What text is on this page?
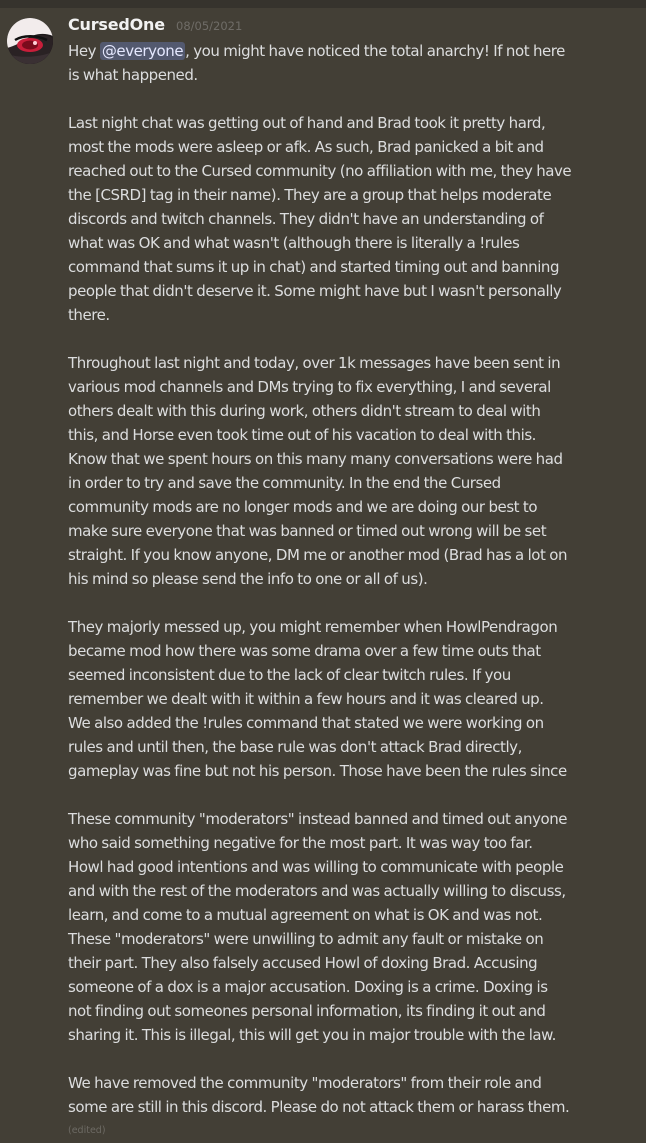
CursedOne 08/05/2021

Hey @everyone , you might have noticed the total anarchy! If not here
is what happened.

Last night chat was getting out of hand and Brad took it pretty hard,
most the mods were asleep or afk. As such, Brad panicked a bit and
reached out to the Cursed community (no affiliation with me, they have
the [CSRD] tag in their name). They are a group that helps moderate
discords and twitch channels. They didn't have an understanding of
what was OK and what wasn't (although there is literally a !rules
command that sums it up in chat) and started timing out and banning
people that didn't deserve it. Some might have but I wasn't personally
there.

Throughout last night and today, over 1k messages have been sent in
various mod channels and DMs trying to fix everything, I and several
others dealt with this during work, others didn't stream to deal with
this, and Horse even took time out of his vacation to deal with this.
Know that we spent hours on this many many conversations were had
in order to try and save the community. In the end the Cursed
community mods are no longer mods and we are doing our best to
make sure everyone that was banned or timed out wrong will be set
straight. If you know anyone, DM me or another mod (Brad has a lot on
his mind so please send the info to one or all of us).

They majorly messed up, you might remember when HowlPendragon
became mod how there was some drama over a few time outs that
seemed inconsistent due to the lack of clear twitch rules. If you
remember we dealt with it within a few hours and it was cleared up.
We also added the !rules command that stated we were working on
rules and until then, the base rule was don't attack Brad directly,
gameplay was fine but not his person. Those have been the rules since

These community "moderators" instead banned and timed out anyone
who said something negative for the most part. It was way too far.
Howl had good intentions and was willing to communicate with people
and with the rest of the moderators and was actually willing to discuss,
learn, and come to a mutual agreement on what is OK and was not.
These "moderators" were unwilling to admit any fault or mistake on
their part. They also falsely accused Howl of doxing Brad. Accusing
someone of a dox is a major accusation. Doxing is a crime. Doxing is
not finding out someones personal information, its finding it out and
sharing it. This is illegal, this will get you in major trouble with the law.

We have removed the community "moderators" from their role and
some are still in this discord. Please do not attack them or harass them.

(edited)
